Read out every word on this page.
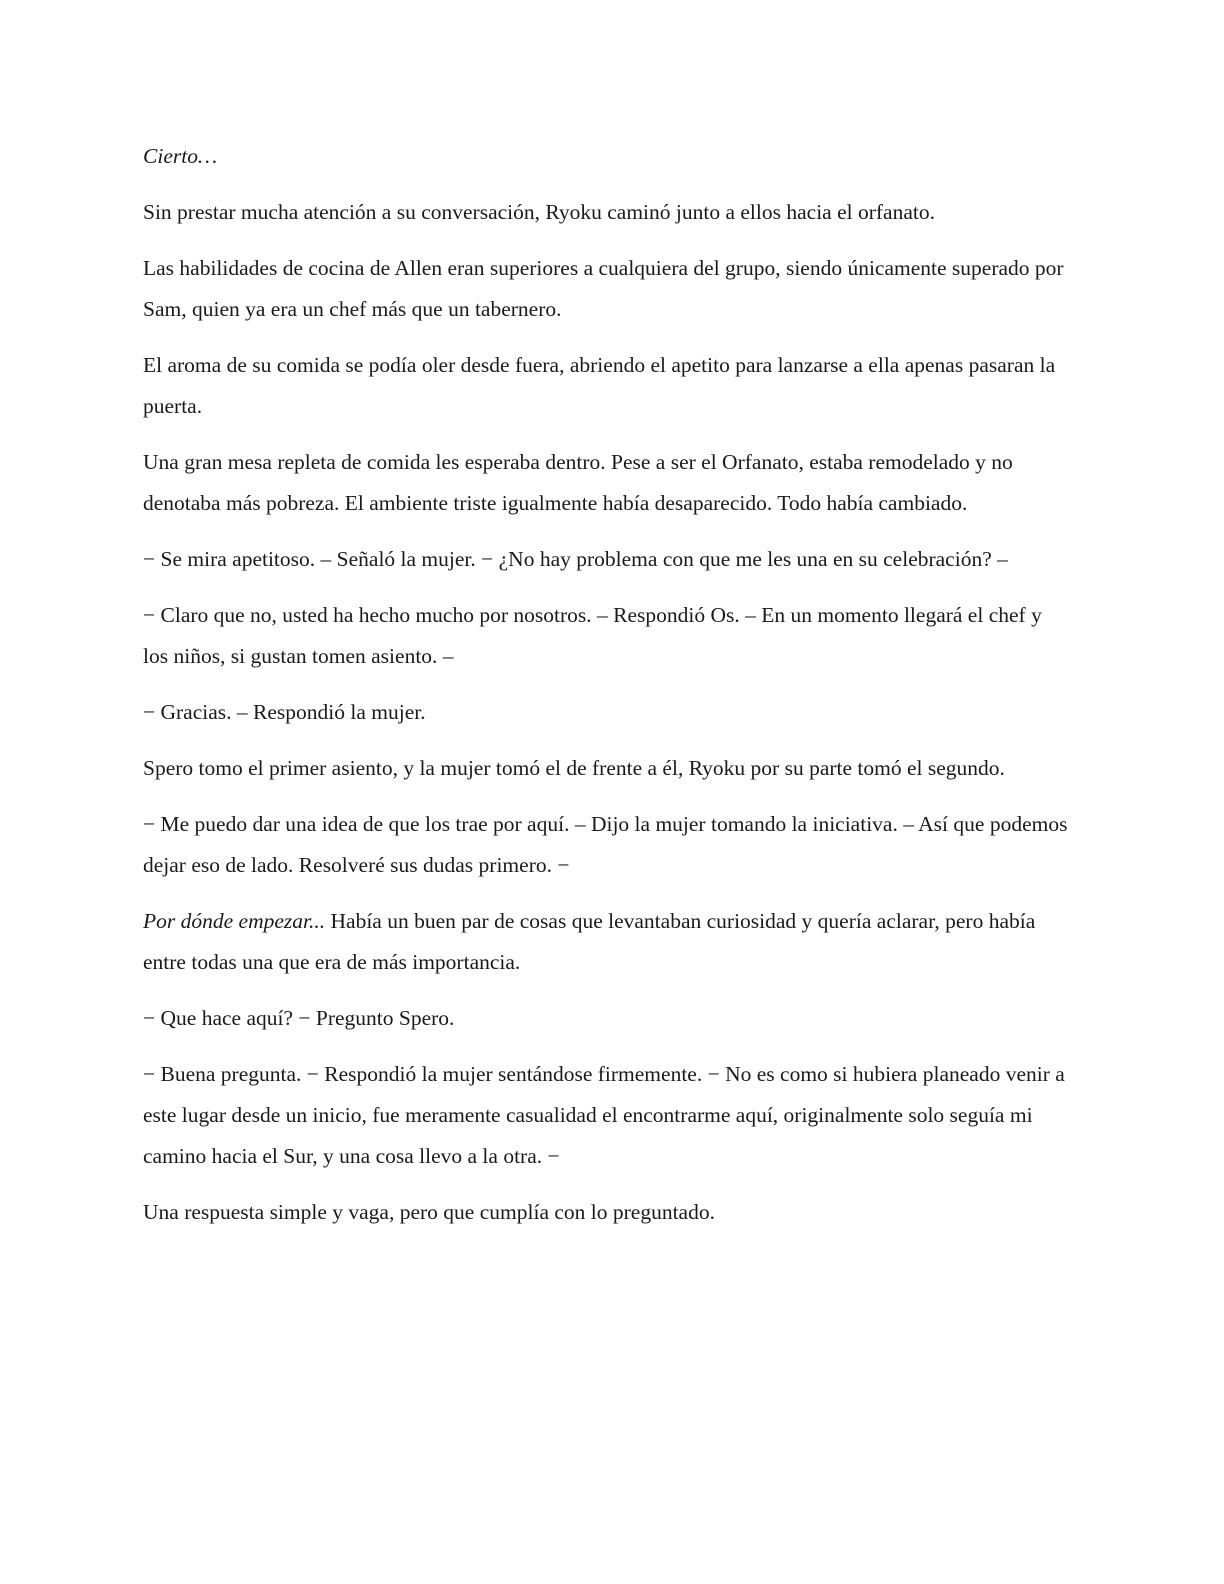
Cierto…

Sin prestar mucha atención a su conversación, Ryoku caminó junto a ellos hacia el orfanato.

Las habilidades de cocina de Allen eran superiores a cualquiera del grupo, siendo únicamente superado por Sam, quien ya era un chef más que un tabernero.

El aroma de su comida se podía oler desde fuera, abriendo el apetito para lanzarse a ella apenas pasaran la puerta.

Una gran mesa repleta de comida les esperaba dentro. Pese a ser el Orfanato, estaba remodelado y no denotaba más pobreza. El ambiente triste igualmente había desaparecido. Todo había cambiado.

− Se mira apetitoso. – Señaló la mujer. − ¿No hay problema con que me les una en su celebración? –

− Claro que no, usted ha hecho mucho por nosotros. – Respondió Os. – En un momento llegará el chef y los niños, si gustan tomen asiento. –

− Gracias. – Respondió la mujer.

Spero tomo el primer asiento, y la mujer tomó el de frente a él, Ryoku por su parte tomó el segundo.

− Me puedo dar una idea de que los trae por aquí. – Dijo la mujer tomando la iniciativa. – Así que podemos dejar eso de lado. Resolveré sus dudas primero. −

Por dónde empezar... Había un buen par de cosas que levantaban curiosidad y quería aclarar, pero había entre todas una que era de más importancia.

− Que hace aquí? − Pregunto Spero.

− Buena pregunta. − Respondió la mujer sentándose firmemente. − No es como si hubiera planeado venir a este lugar desde un inicio, fue meramente casualidad el encontrarme aquí, originalmente solo seguía mi camino hacia el Sur, y una cosa llevo a la otra. −

Una respuesta simple y vaga, pero que cumplía con lo preguntado.
